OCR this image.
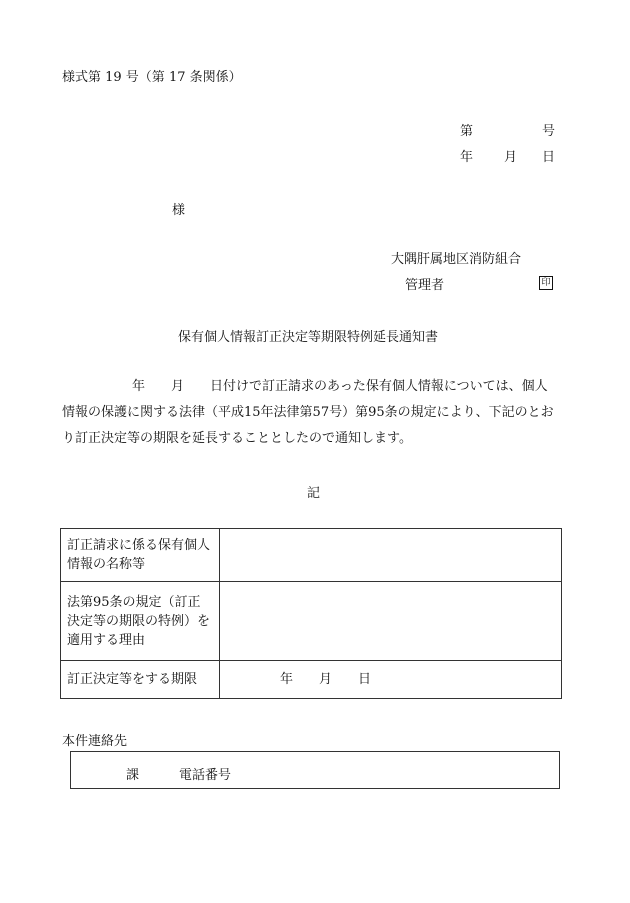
様式第 19 号（第 17 条関係）
第	号
年 月 日
様
大隅肝属地区消防組合
管理者	印
保有個人情報訂正決定等期限特例延長通知書
年　　月　　日付けで訂正請求のあった保有個人情報については、個人
情報の保護に関する法律（平成15年法律第57号）第95条の規定により、下記のとお
り訂正決定等の期限を延長することとしたので通知します。
記
訂正請求に係る保有個人情報の名称等	
法第95条の規定（訂正決定等の期限の特例）を適用する理由	
訂正決定等をする期限	年　　月　　日
本件連絡先
課	電話番号
